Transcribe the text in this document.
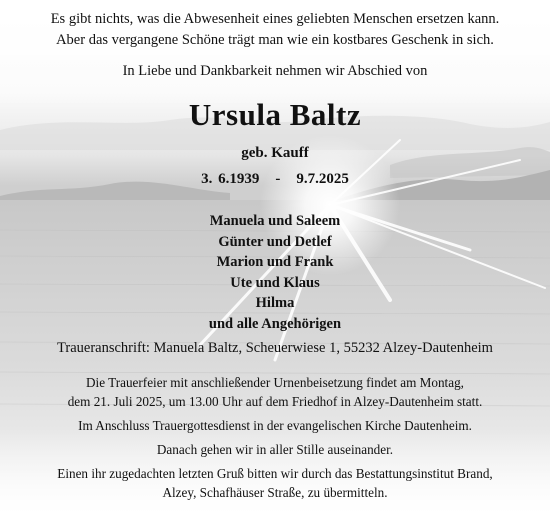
Es gibt nichts, was die Abwesenheit eines geliebten Menschen ersetzen kann.
Aber das vergangene Schöne trägt man wie ein kostbares Geschenk in sich.
In Liebe und Dankbarkeit nehmen wir Abschied von
Ursula Baltz
geb. Kauff
3. 6.1939 - 9.7.2025
Manuela und Saleem
Günter und Detlef
Marion und Frank
Ute und Klaus
Hilma
und alle Angehörigen
Traueranschrift: Manuela Baltz, Scheuerwiese 1, 55232 Alzey-Dautenheim
Die Trauerfeier mit anschließender Urnenbeisetzung findet am Montag,
dem 21. Juli 2025, um 13.00 Uhr auf dem Friedhof in Alzey-Dautenheim statt.
Im Anschluss Trauergottesdienst in der evangelischen Kirche Dautenheim.
Danach gehen wir in aller Stille auseinander.
Einen ihr zugedachten letzten Gruß bitten wir durch das Bestattungsinstitut Brand,
Alzey, Schafhäuser Straße, zu übermitteln.
